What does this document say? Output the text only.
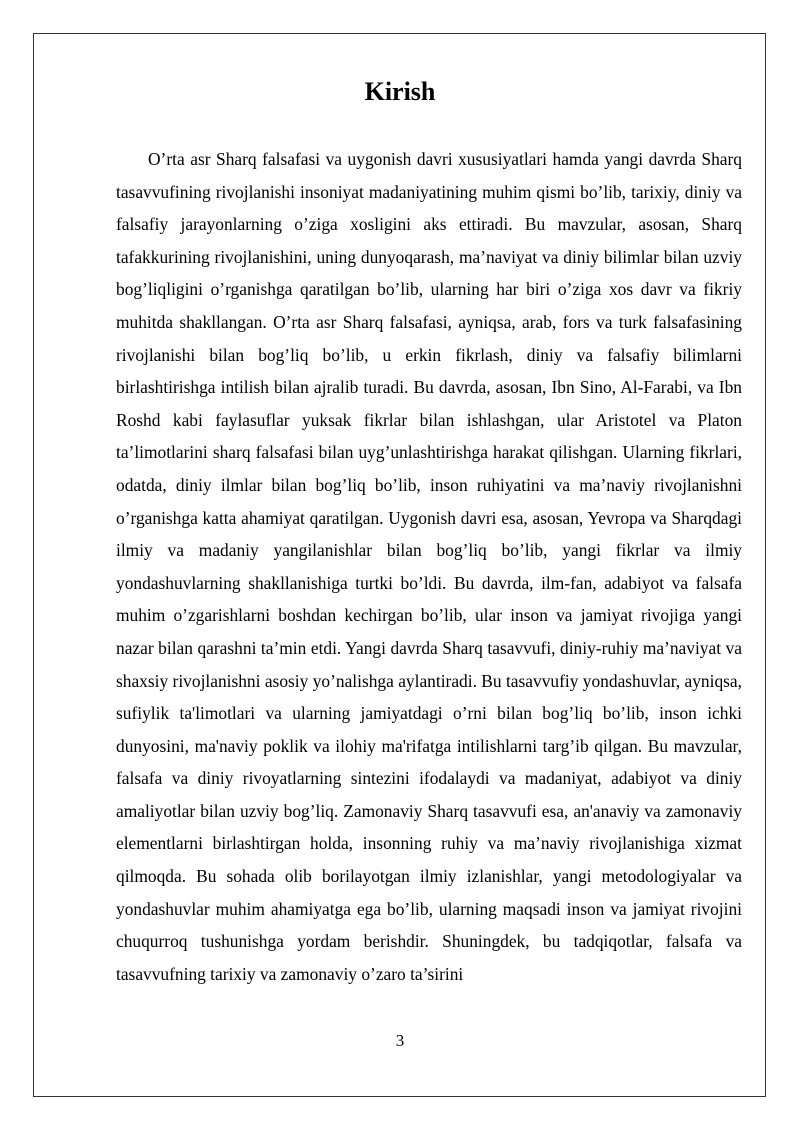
Kirish

O’rta asr Sharq falsafasi va uygonish davri xususiyatlari hamda yangi davrda Sharq tasavvufining rivojlanishi insoniyat madaniyatining muhim qismi bo’lib, tarixiy, diniy va falsafiy jarayonlarning o’ziga xosligini aks ettiradi. Bu mavzular, asosan, Sharq tafakkurining rivojlanishini, uning dunyoqarash, ma’naviyat va diniy bilimlar bilan uzviy bog’liqligini o’rganishga qaratilgan bo’lib, ularning har biri o’ziga xos davr va fikriy muhitda shakllangan. O’rta asr Sharq falsafasi, ayniqsa, arab, fors va turk falsafasining rivojlanishi bilan bog’liq bo’lib, u erkin fikrlash, diniy va falsafiy bilimlarni birlashtirishga intilish bilan ajralib turadi. Bu davrda, asosan, Ibn Sino, Al-Farabi, va Ibn Roshd kabi faylasuflar yuksak fikrlar bilan ishlashgan, ular Aristotel va Platon ta’limotlarini sharq falsafasi bilan uyg’unlashtirishga harakat qilishgan. Ularning fikrlari, odatda, diniy ilmlar bilan bog’liq bo’lib, inson ruhiyatini va ma’naviy rivojlanishni o’rganishga katta ahamiyat qaratilgan. Uygonish davri esa, asosan, Yevropa va Sharqdagi ilmiy va madaniy yangilanishlar bilan bog’liq bo’lib, yangi fikrlar va ilmiy yondashuvlarning shakllanishiga turtki bo’ldi. Bu davrda, ilm-fan, adabiyot va falsafa muhim o’zgarishlarni boshdan kechirgan bo’lib, ular inson va jamiyat rivojiga yangi nazar bilan qarashni ta’min etdi. Yangi davrda Sharq tasavvufi, diniy-ruhiy ma’naviyat va shaxsiy rivojlanishni asosiy yo’nalishga aylantiradi. Bu tasavvufiy yondashuvlar, ayniqsa, sufiylik ta'limotlari va ularning jamiyatdagi o’rni bilan bog’liq bo’lib, inson ichki dunyosini, ma'naviy poklik va ilohiy ma'rifatga intilishlarni targ’ib qilgan. Bu mavzular, falsafa va diniy rivoyatlarning sintezini ifodalaydi va madaniyat, adabiyot va diniy amaliyotlar bilan uzviy bog’liq. Zamonaviy Sharq tasavvufi esa, an'anaviy va zamonaviy elementlarni birlashtirgan holda, insonning ruhiy va ma’naviy rivojlanishiga xizmat qilmoqda. Bu sohada olib borilayotgan ilmiy izlanishlar, yangi metodologiyalar va yondashuvlar muhim ahamiyatga ega bo’lib, ularning maqsadi inson va jamiyat rivojini chuqurroq tushunishga yordam berishdir. Shuningdek, bu tadqiqotlar, falsafa va tasavvufning tarixiy va zamonaviy o’zaro ta’sirini

3
